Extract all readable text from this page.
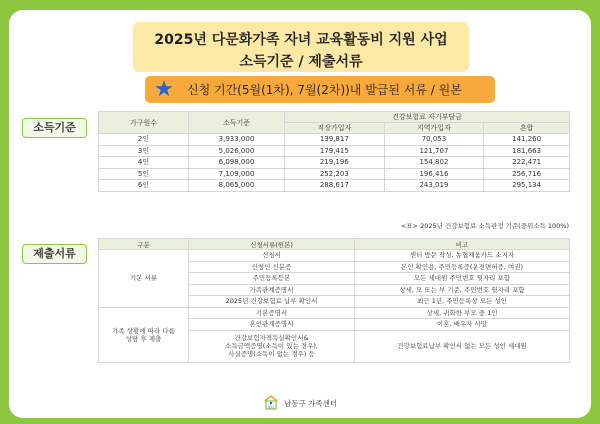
2025년 다문화가족 자녀 교육활동비 지원 사업
소득기준 / 제출서류
★ 신청 기간(5월(1차), 7월(2차))내 발급된 서류 / 원본
소득기준	가구원수	소득기준	건강보험료 자기부담금		
		직장가입자	지역가입자	혼합
2인	3,933,000	139,817	70,053	141,260
3인	5,026,000	179,415	121,707	181,663
4인	6,098,000	219,196	154,802	222,471
5인	7,109,000	252,203	196,416	256,716
6인	8,065,000	288,617	243,019	295,134
<표> 2025년 건강보험료 소득판정 기준(중위소득 100%)
제출서류
구분	신청서류(원본)	비고
기본 서류	신청서	센터 방문 작성, 농협채움카드 소지자
	신청인 신분증	본인 확인용, 주민등록증(운전면허증, 여권)
	주민등록등본	모든 세대원 주민번호 뒷자리 포함
	가족관계증명서	상세, 모 또는 부 기준, 주민번호 뒷자리 포함
	2025년 건강보험료 납부 확인서	최근 1년, 주민등록상 모든 성인
가족 상황에 따라 다름
상담 후 제출	기본증명서	상세, 귀화한 부모 중 1인
	혼인관계증명서	이혼, 배우자 사망
	건강보험자격득실확인서&
소득금액증명(소득이 있는 경우),
사실증명(소득이 없는 경우) 등	건강보험료납부 확인서 없는 모든 성인 세대원
센터 남동구 가족센터
